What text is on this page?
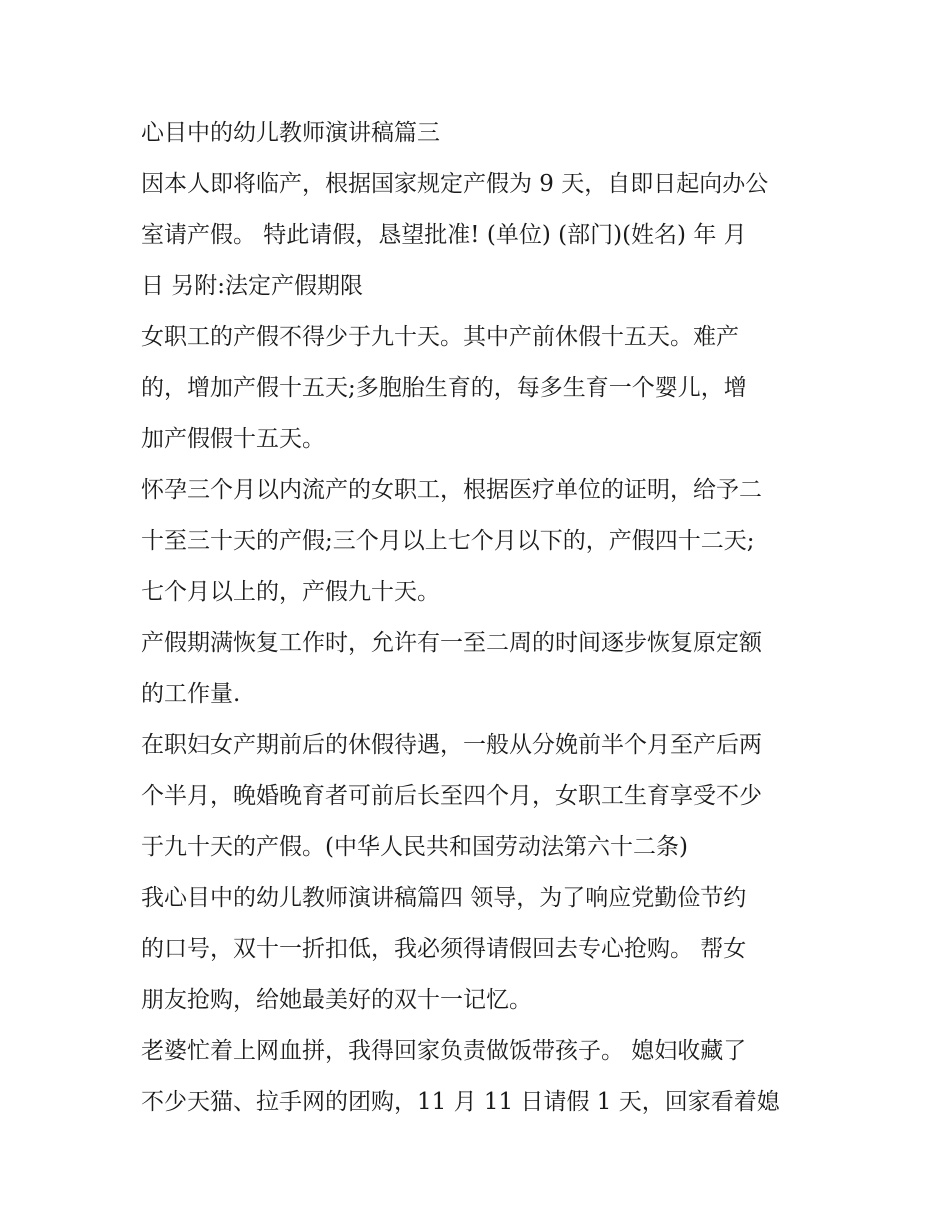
心目中的幼儿教师演讲稿篇三
因本人即将临产，根据国家规定产假为 9 天，自即日起向办公
室请产假。 特此请假，恳望批准! (单位) (部门)(姓名) 年 月
日 另附:法定产假期限
女职工的产假不得少于九十天。其中产前休假十五天。难产
的，增加产假十五天;多胞胎生育的，每多生育一个婴儿，增
加产假假十五天。
怀孕三个月以内流产的女职工，根据医疗单位的证明，给予二
十至三十天的产假;三个月以上七个月以下的，产假四十二天;
七个月以上的，产假九十天。
产假期满恢复工作时，允许有一至二周的时间逐步恢复原定额
的工作量.
在职妇女产期前后的休假待遇，一般从分娩前半个月至产后两
个半月，晚婚晚育者可前后长至四个月，女职工生育享受不少
于九十天的产假。(中华人民共和国劳动法第六十二条)
我心目中的幼儿教师演讲稿篇四 领导，为了响应党勤俭节约
的口号，双十一折扣低，我必须得请假回去专心抢购。 帮女
朋友抢购，给她最美好的双十一记忆。
老婆忙着上网血拼，我得回家负责做饭带孩子。 媳妇收藏了
不少天猫、拉手网的团购，11 月 11 日请假 1 天，回家看着媳
